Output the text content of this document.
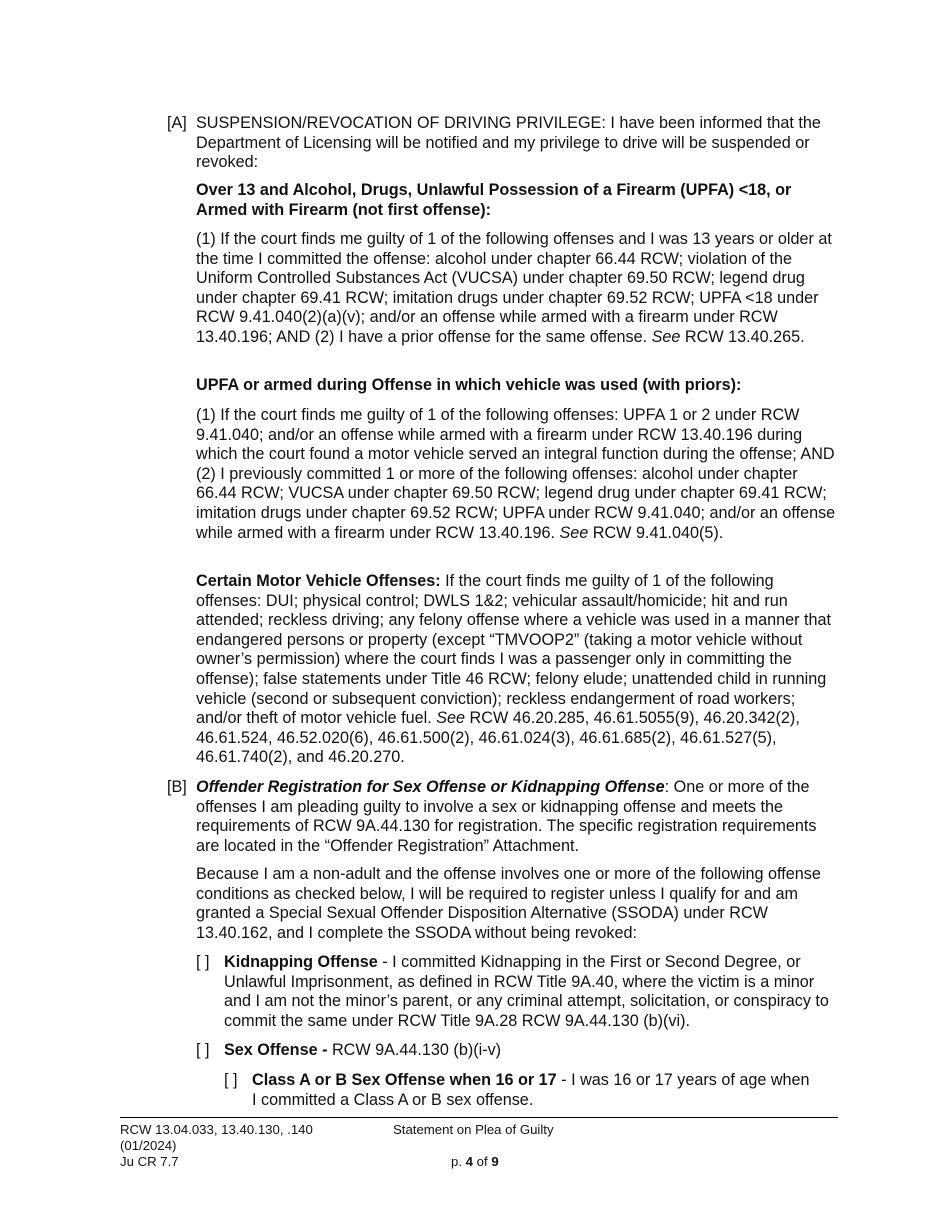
[A] SUSPENSION/REVOCATION OF DRIVING PRIVILEGE: I have been informed that the Department of Licensing will be notified and my privilege to drive will be suspended or revoked:

Over 13 and Alcohol, Drugs, Unlawful Possession of a Firearm (UPFA) <18, or Armed with Firearm (not first offense):

(1) If the court finds me guilty of 1 of the following offenses and I was 13 years or older at the time I committed the offense: alcohol under chapter 66.44 RCW; violation of the Uniform Controlled Substances Act (VUCSA) under chapter 69.50 RCW; legend drug under chapter 69.41 RCW; imitation drugs under chapter 69.52 RCW; UPFA <18 under RCW 9.41.040(2)(a)(v); and/or an offense while armed with a firearm under RCW 13.40.196; AND (2) I have a prior offense for the same offense. See RCW 13.40.265.

UPFA or armed during Offense in which vehicle was used (with priors):

(1) If the court finds me guilty of 1 of the following offenses: UPFA 1 or 2 under RCW 9.41.040; and/or an offense while armed with a firearm under RCW 13.40.196 during which the court found a motor vehicle served an integral function during the offense; AND (2) I previously committed 1 or more of the following offenses: alcohol under chapter 66.44 RCW; VUCSA under chapter 69.50 RCW; legend drug under chapter 69.41 RCW; imitation drugs under chapter 69.52 RCW; UPFA under RCW 9.41.040; and/or an offense while armed with a firearm under RCW 13.40.196. See RCW 9.41.040(5).

Certain Motor Vehicle Offenses: If the court finds me guilty of 1 of the following offenses: DUI; physical control; DWLS 1&2; vehicular assault/homicide; hit and run attended; reckless driving; any felony offense where a vehicle was used in a manner that endangered persons or property (except “TMVOOP2” (taking a motor vehicle without owner’s permission) where the court finds I was a passenger only in committing the offense); false statements under Title 46 RCW; felony elude; unattended child in running vehicle (second or subsequent conviction); reckless endangerment of road workers; and/or theft of motor vehicle fuel. See RCW 46.20.285, 46.61.5055(9), 46.20.342(2), 46.61.524, 46.52.020(6), 46.61.500(2), 46.61.024(3), 46.61.685(2), 46.61.527(5), 46.61.740(2), and 46.20.270.

[B] Offender Registration for Sex Offense or Kidnapping Offense: One or more of the offenses I am pleading guilty to involve a sex or kidnapping offense and meets the requirements of RCW 9A.44.130 for registration. The specific registration requirements are located in the “Offender Registration” Attachment.

Because I am a non-adult and the offense involves one or more of the following offense conditions as checked below, I will be required to register unless I qualify for and am granted a Special Sexual Offender Disposition Alternative (SSODA) under RCW 13.40.162, and I complete the SSODA without being revoked:

[ ] Kidnapping Offense - I committed Kidnapping in the First or Second Degree, or Unlawful Imprisonment, as defined in RCW Title 9A.40, where the victim is a minor and I am not the minor’s parent, or any criminal attempt, solicitation, or conspiracy to commit the same under RCW Title 9A.28 RCW 9A.44.130 (b)(vi).

[ ] Sex Offense - RCW 9A.44.130 (b)(i-v)

[ ] Class A or B Sex Offense when 16 or 17 - I was 16 or 17 years of age when I committed a Class A or B sex offense.

RCW 13.04.033, 13.40.130, .140
(01/2024)
Ju CR 7.7
Statement on Plea of Guilty
p. 4 of 9
